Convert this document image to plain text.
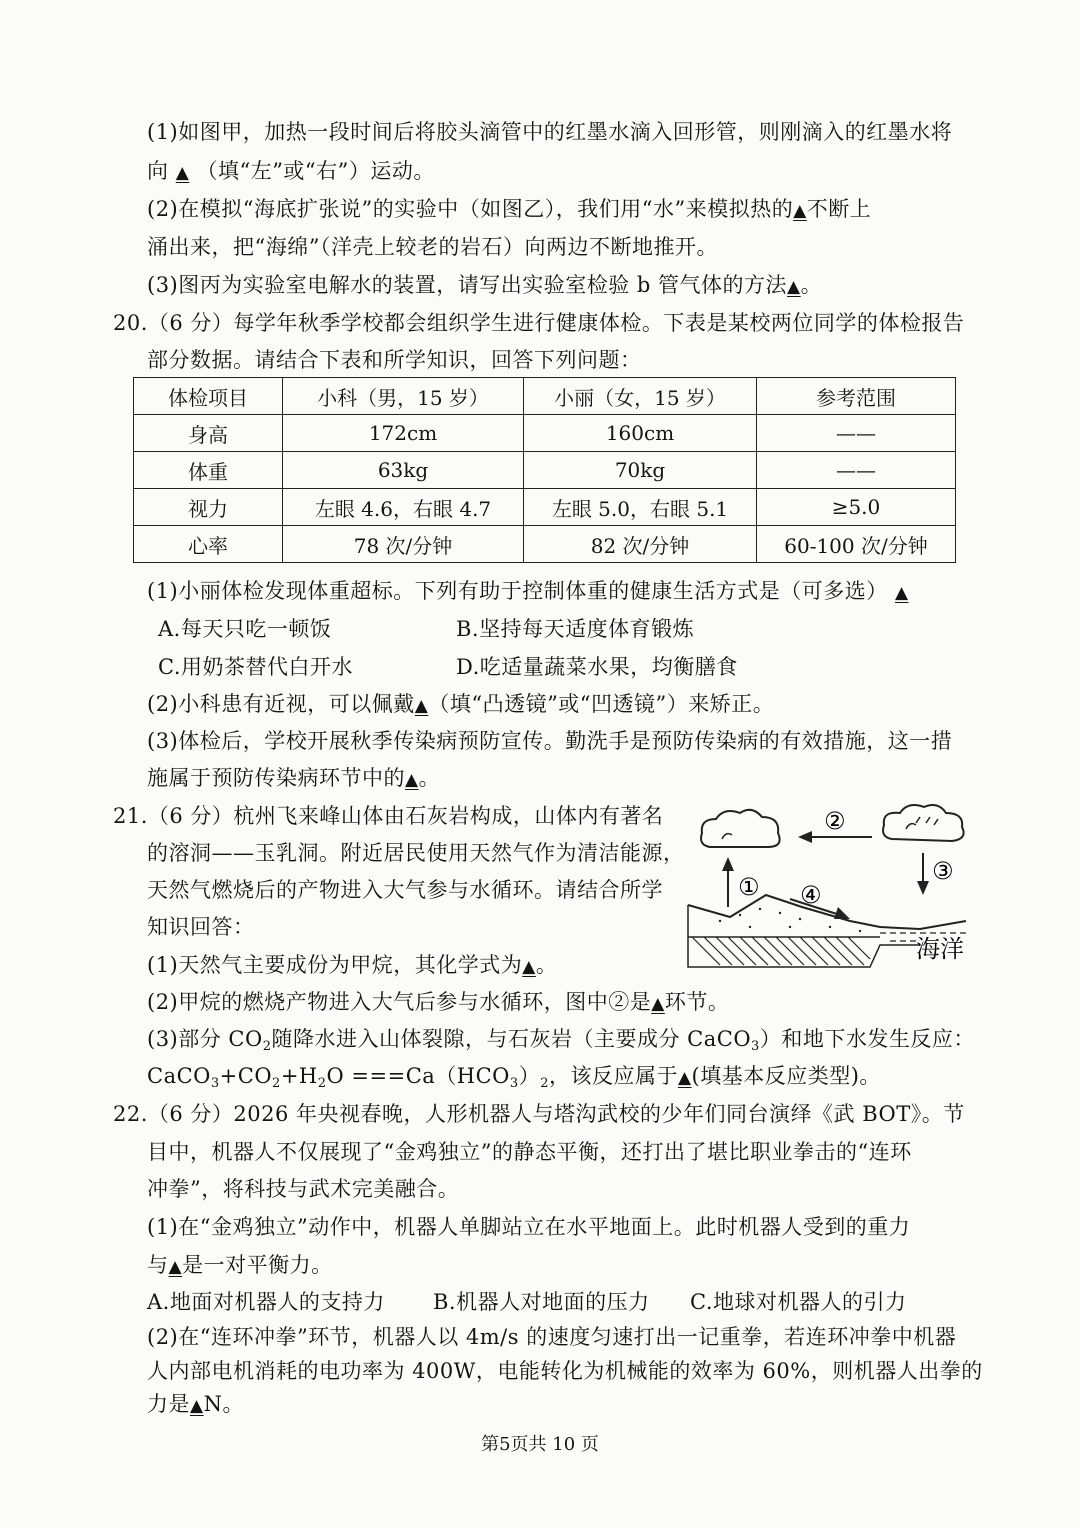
(1)如图甲，加热一段时间后将胶头滴管中的红墨水滴入回形管，则刚滴入的红墨水将
向 ▲ （填“左”或“右”）运动。
(2)在模拟“海底扩张说”的实验中（如图乙），我们用“水”来模拟热的▲不断上
涌出来，把“海绵”（洋壳上较老的岩石）向两边不断地推开。
(3)图丙为实验室电解水的装置，请写出实验室检验 b 管气体的方法▲。
20.（6 分）每学年秋季学校都会组织学生进行健康体检。下表是某校两位同学的体检报告
部分数据。请结合下表和所学知识，回答下列问题：
体检项目	小科（男，15 岁）	小丽（女，15 岁）	参考范围
身高	172cm	160cm	——
体重	63kg	70kg	——
视力	左眼 4.6，右眼 4.7	左眼 5.0，右眼 5.1	≥5.0
心率	78 次/分钟	82 次/分钟	60-100 次/分钟
(1)小丽体检发现体重超标。下列有助于控制体重的健康生活方式是（可多选） ▲
A.每天只吃一顿饭	B.坚持每天适度体育锻炼
C.用奶茶替代白开水	D.吃适量蔬菜水果，均衡膳食
(2)小科患有近视，可以佩戴▲（填“凸透镜”或“凹透镜”）来矫正。
(3)体检后，学校开展秋季传染病预防宣传。勤洗手是预防传染病的有效措施，这一措
施属于预防传染病环节中的▲。
21.（6 分）杭州飞来峰山体由石灰岩构成，山体内有著名
的溶洞——玉乳洞。附近居民使用天然气作为清洁能源，
天然气燃烧后的产物进入大气参与水循环。请结合所学
知识回答：
②
③
① ④
海洋
(1)天然气主要成份为甲烷，其化学式为▲。
(2)甲烷的燃烧产物进入大气后参与水循环，图中②是▲环节。
(3)部分 $CO_2$随降水进入山体裂隙，与石灰岩（主要成分 CaCO$_3$）和地下水发生反应：
$CaCO_3+CO_2+H_2O ===Ca(HCO_3)_2$，该反应属于▲(填基本反应类型)。
22.（6 分）2026 年央视春晚，人形机器人与塔沟武校的少年们同台演绎《武 BOT》。节
目中，机器人不仅展现了“金鸡独立”的静态平衡，还打出了堪比职业拳击的“连环
冲拳”，将科技与武术完美融合。
(1)在“金鸡独立”动作中，机器人单脚站立在水平地面上。此时机器人受到的重力
与▲是一对平衡力。
A.地面对机器人的支持力 B.机器人对地面的压力 C.地球对机器人的引力
(2)在“连环冲拳”环节，机器人以 4m/s 的速度匀速打出一记重拳，若连环冲拳中机器
人内部电机消耗的电功率为 400W，电能转化为机械能的效率为 60%，则机器人出拳的
力是▲N。
第5页共 10 页
